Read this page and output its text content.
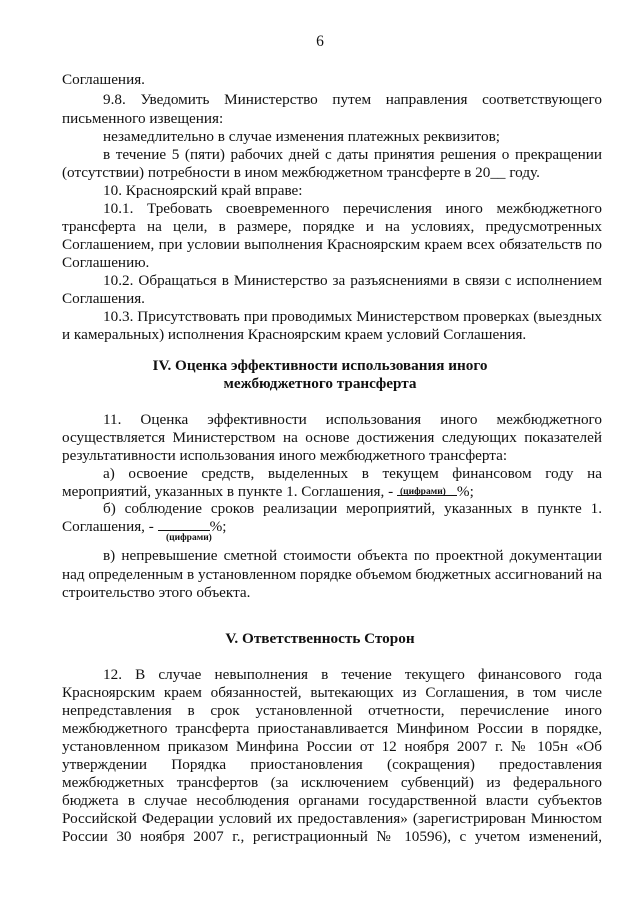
6
Соглашения.
9.8. Уведомить Министерство путем направления соответствующего
письменного извещения:
незамедлительно в случае изменения платежных реквизитов;
в течение 5 (пяти) рабочих дней с даты принятия решения о прекращении
(отсутствии) потребности в ином межбюджетном трансферте в 20__ году.
10. Красноярский край вправе:
10.1. Требовать своевременного перечисления иного межбюджетного
трансферта на цели, в размере, порядке и на условиях, предусмотренных
Соглашением, при условии выполнения Красноярским краем всех обязательств по
Соглашению.
10.2. Обращаться в Министерство за разъяснениями в связи с исполнением
Соглашения.
10.3. Присутствовать при проводимых Министерством проверках (выездных
и камеральных) исполнения Красноярским краем условий Соглашения.
IV. Оценка эффективности использования иного
межбюджетного трансферта
11. Оценка эффективности использования иного межбюджетного
осуществляется Министерством на основе достижения следующих показателей
результативности использования иного межбюджетного трансферта:
а) освоение средств, выделенных в текущем финансовом году на
мероприятий, указанных в пункте 1. Соглашения, -	%;
(цифрами)
б) соблюдение сроков реализации мероприятий, указанных в пункте 1.
Соглашения, -	%;
(цифрами)
в) непревышение сметной стоимости объекта по проектной документации
над определенным в установленном порядке объемом бюджетных ассигнований на
строительство этого объекта.
V. Ответственность Сторон
12. В случае невыполнения в течение текущего финансового года
Красноярским краем обязанностей, вытекающих из Соглашения, в том числе
непредставления в срок установленной отчетности, перечисление иного
межбюджетного трансферта приостанавливается Минфином России в порядке,
установленном приказом Минфина России от 12 ноября 2007 г. № 105н «Об
утверждении Порядка приостановления (сокращения) предоставления
межбюджетных трансфертов (за исключением субвенций) из федерального
бюджета в случае несоблюдения органами государственной власти субъектов
Российской Федерации условий их предоставления» (зарегистрирован Минюстом
России 30 ноября 2007 г., регистрационный № 10596), с учетом изменений,
